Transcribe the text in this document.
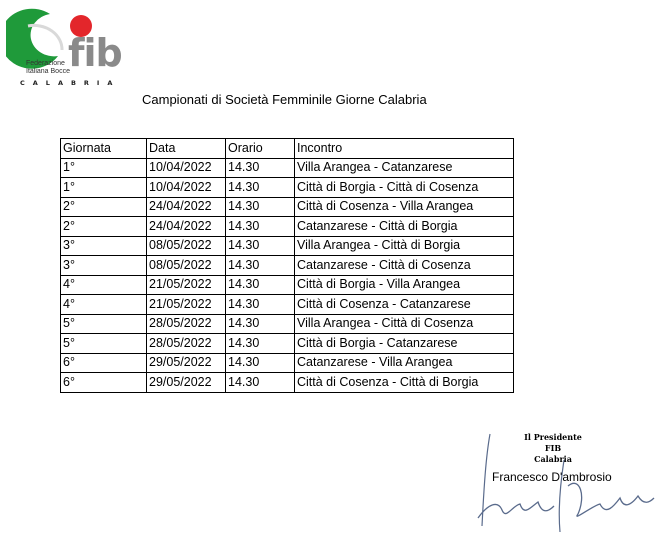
fib
Federazione
Italiana Bocce
CALABRIA
Campionati di Società Femminile Giorne Calabria
Giornata	Data	Orario	Incontro
1°	10/04/2022	14.30	Villa Arangea - Catanzarese
1°	10/04/2022	14.30	Città di Borgia - Città di Cosenza
2°	24/04/2022	14.30	Città di Cosenza - Villa Arangea
2°	24/04/2022	14.30	Catanzarese - Città di Borgia
3°	08/05/2022	14.30	Villa Arangea - Città di Borgia
3°	08/05/2022	14.30	Catanzarese - Città di Cosenza
4°	21/05/2022	14.30	Città di Borgia - Villa Arangea
4°	21/05/2022	14.30	Città di Cosenza - Catanzarese
5°	28/05/2022	14.30	Villa Arangea - Città di Cosenza
5°	28/05/2022	14.30	Città di Borgia - Catanzarese
6°	29/05/2022	14.30	Catanzarese - Villa Arangea
6°	29/05/2022	14.30	Città di Cosenza - Città di Borgia
Il Presidente
FIB
Calabria
Francesco D'ambrosio
